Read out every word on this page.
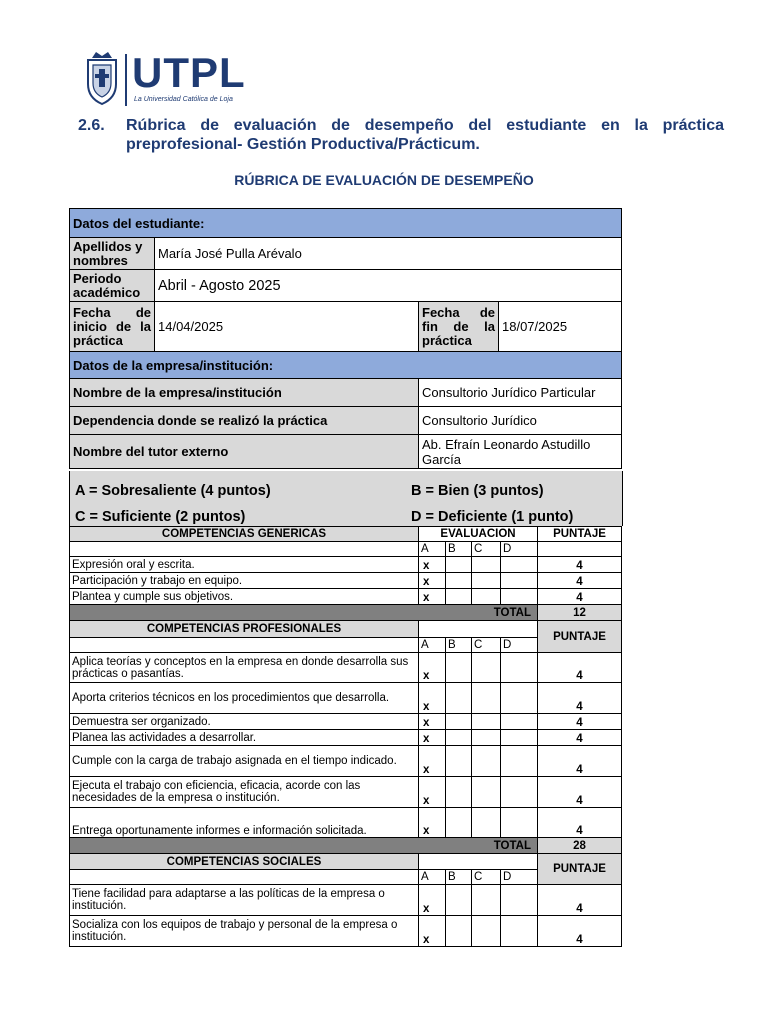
UTPL
La Universidad Católica de Loja
2.6. Rúbrica de evaluación de desempeño del estudiante en la práctica
preprofesional- Gestión Productiva/Prácticum.
RÚBRICA DE EVALUACIÓN DE DESEMPEÑO
Datos del estudiante:			
Apellidos y nombres	María José Pulla Arévalo		
Periodo académico	Abril - Agosto 2025		
Fecha de inicio de la práctica	14/04/2025	Fecha de fin de la práctica	18/07/2025
Datos de la empresa/institución:			
Nombre de la empresa/institución		Consultorio Jurídico Particular	
Dependencia donde se realizó la práctica		Consultorio Jurídico	
Nombre del tutor externo		Ab. Efraín Leonardo Astudillo García	
A = Sobresaliente (4 puntos)	B = Bien (3 puntos)
C = Suficiente (2 puntos)	D = Deficiente (1 punto)
COMPETENCIAS GENERICAS	EVALUACION				PUNTAJE
	A	B	C	D	
Expresión oral y escrita.	x				4
Participación y trabajo en equipo.	x				4
Plantea y cumple sus objetivos.	x				4
TOTAL					12
COMPETENCIAS PROFESIONALES					PUNTAJE
	A	B	C	D	
Aplica teorías y conceptos en la empresa en donde desarrolla sus prácticas o pasantías.	x				4
Aporta criterios técnicos en los procedimientos que desarrolla.	x				4
Demuestra ser organizado.	x				4
Planea las actividades a desarrollar.	x				4
Cumple con la carga de trabajo asignada en el tiempo indicado.	x				4
Ejecuta el trabajo con eficiencia, eficacia, acorde con las necesidades de la empresa o institución.	x				4
Entrega oportunamente informes e información solicitada.	x				4
TOTAL					28
COMPETENCIAS SOCIALES					PUNTAJE
	A	B	C	D	
Tiene facilidad para adaptarse a las políticas de la empresa o institución.	x				4
Socializa con los equipos de trabajo y personal de la empresa o institución.	x				4
